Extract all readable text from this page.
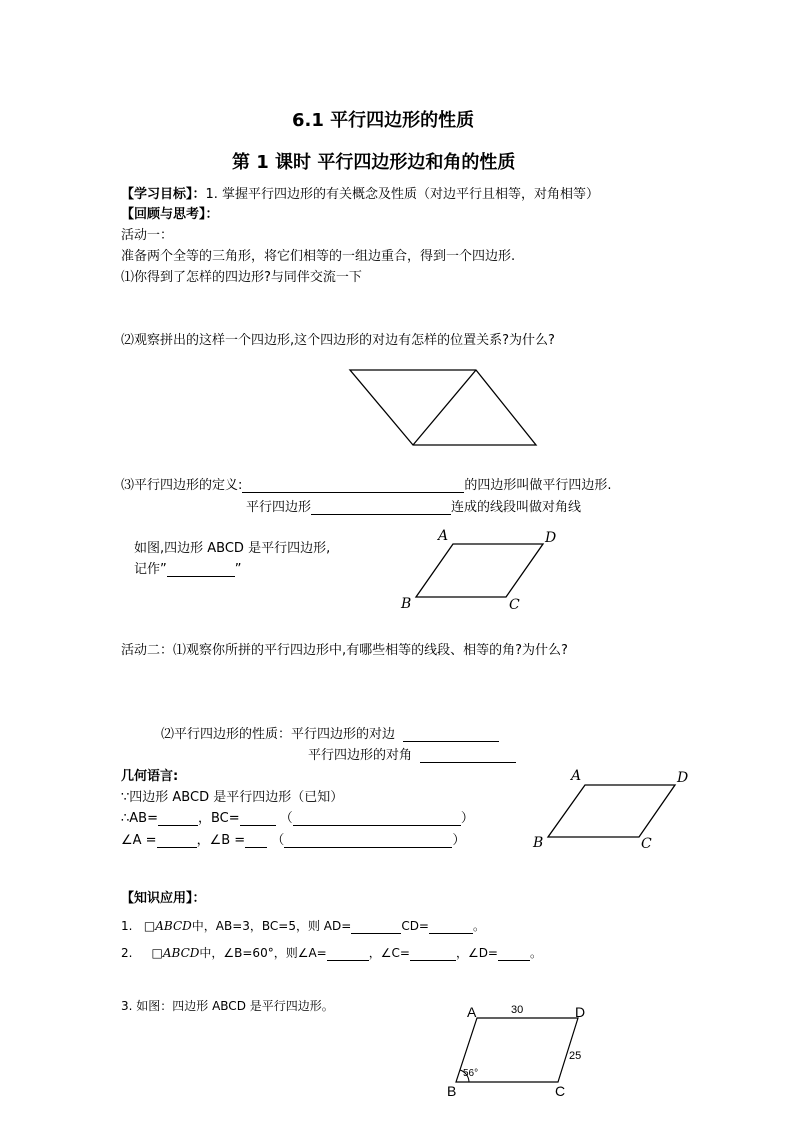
6.1 平行四边形的性质
第 1 课时 平行四边形边和角的性质
【学习目标】：1. 掌握平行四边形的有关概念及性质（对边平行且相等，对角相等）
【回顾与思考】：
活动一：
准备两个全等的三角形，将它们相等的一组边重合，得到一个四边形.
⑴你得到了怎样的四边形?与同伴交流一下
⑵观察拼出的这样一个四边形,这个四边形的对边有怎样的位置关系?为什么?
⑶平行四边形的定义:	的四边形叫做平行四边形.
平行四边形	连成的线段叫做对角线
如图,四边形 ABCD 是平行四边形,
记作”	”
A	D
B	C
活动二：⑴观察你所拼的平行四边形中,有哪些相等的线段、相等的角?为什么?
⑵平行四边形的性质：平行四边形的对边
平行四边形的对角
几何语言:
∵四边形 ABCD 是平行四边形（已知）
∴AB=	，BC=	（	）
∠A =	，∠B = （	）
A	D
B	C
【知识应用】：
1. □ABCD中，AB=3，BC=5，则 AD=	CD=	。
2. □ABCD中，∠B=60°，则∠A=	，∠C=	，∠D=	。
3. 如图：四边形 ABCD 是平行四边形。	A	D
B	C
30
25
56°
